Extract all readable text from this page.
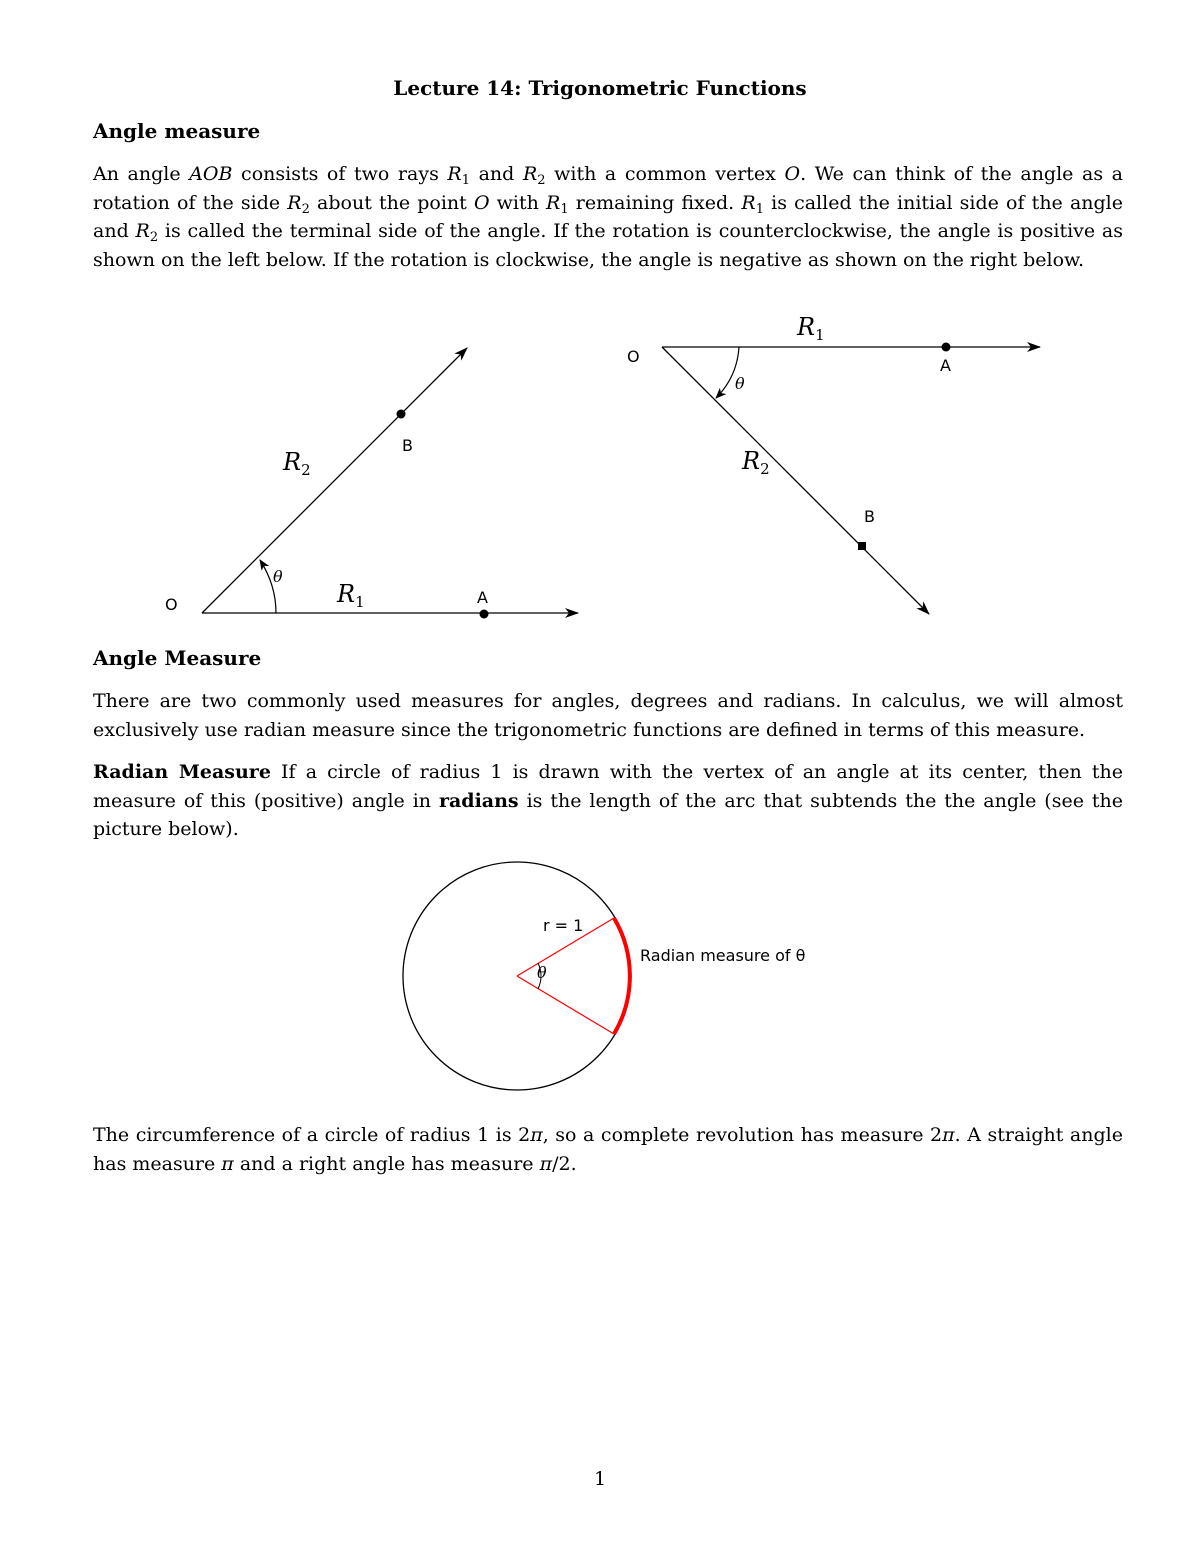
Lecture 14: Trigonometric Functions
Angle measure
An angle AOB consists of two rays $R_1$ and $R_2$ with a common vertex O. We can think of the angle as a rotation of the side $R_2$ about the point O with $R_1$ remaining fixed. $R_1$ is called the initial side of the angle and $R_2$ is called the terminal side of the angle. If the rotation is counterclockwise, the angle is positive as shown on the left below. If the rotation is clockwise, the angle is negative as shown on the right below.
O	A
B
θ
R1
R2
O	A
B
θ
R1
R2
Angle Measure
There are two commonly used measures for angles, degrees and radians. In calculus, we will almost exclusively use radian measure since the trigonometric functions are defined in terms of this measure.
Radian Measure If a circle of radius 1 is drawn with the vertex of an angle at its center, then the measure of this (positive) angle in radians is the length of the arc that subtends the the angle (see the picture below).
r = 1
θ
Radian measure of θ
The circumference of a circle of radius 1 is 2π, so a complete revolution has measure 2π. A straight angle has measure π and a right angle has measure π/2.
1
